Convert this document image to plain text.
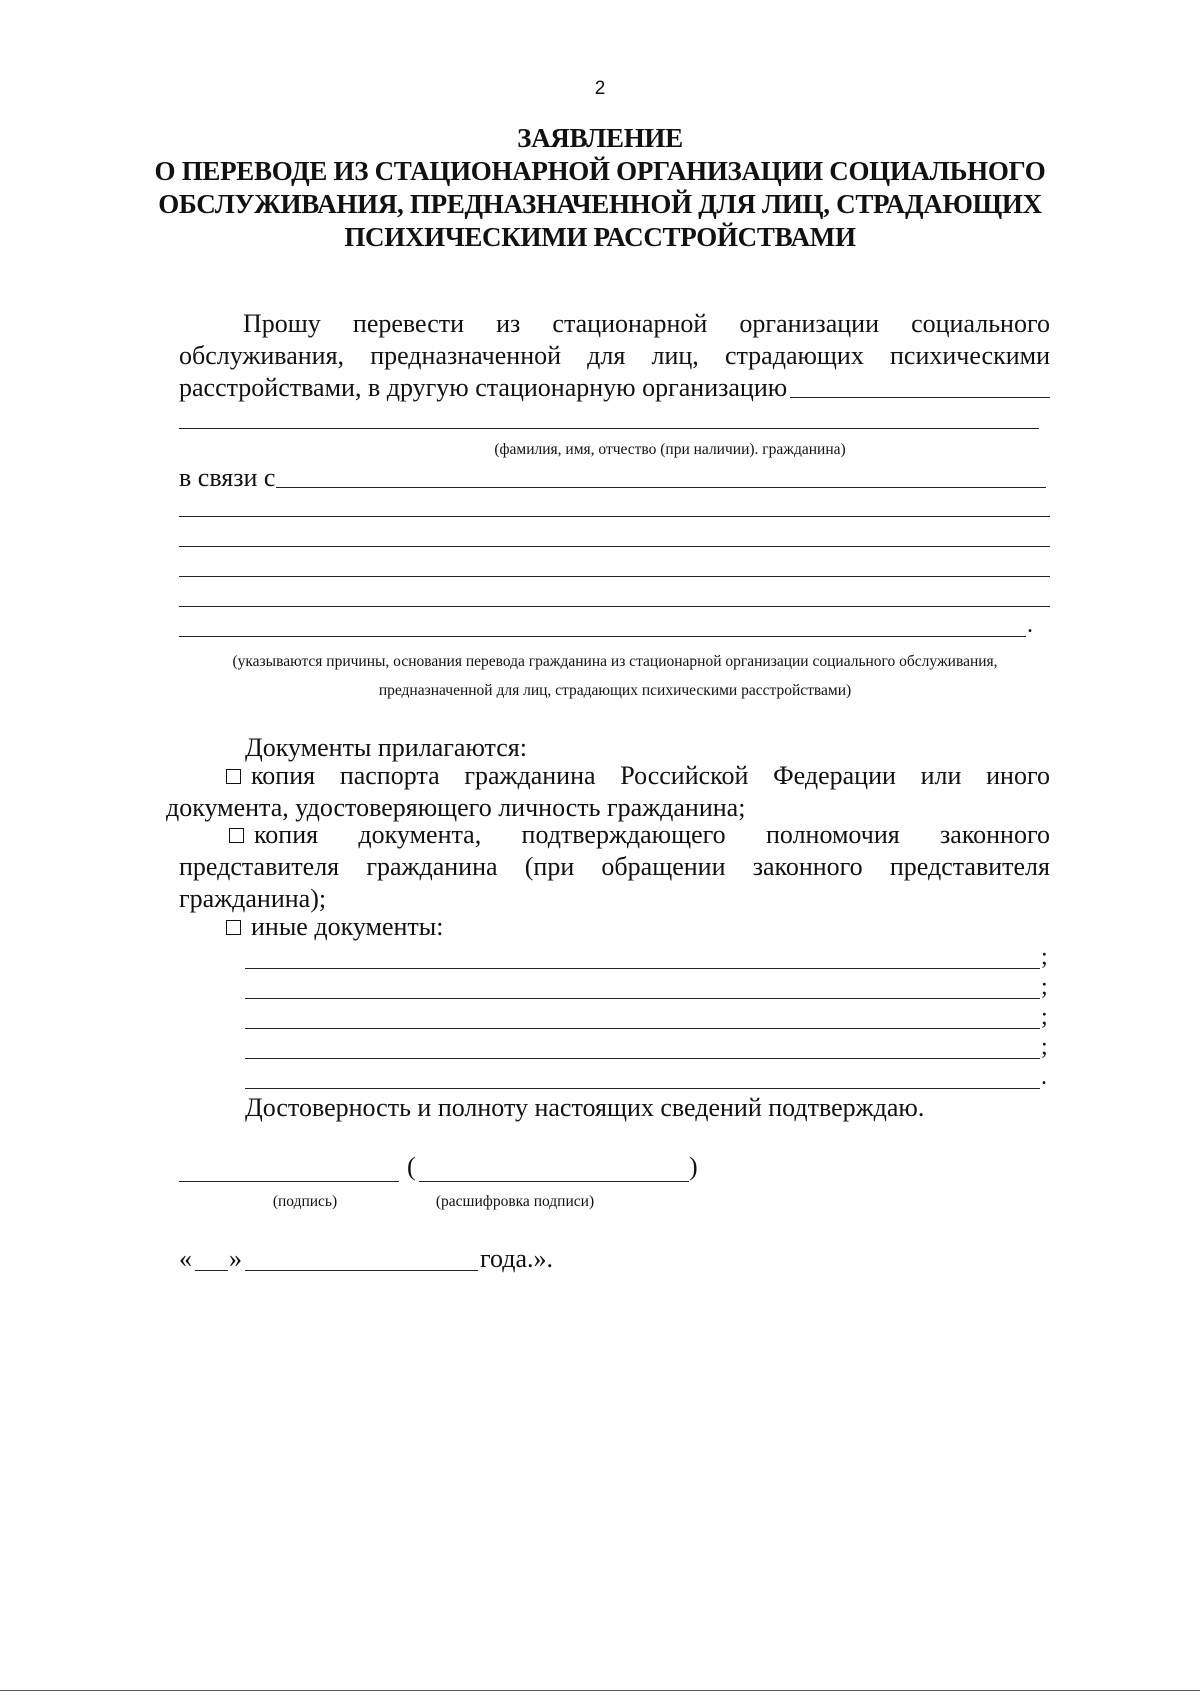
2
ЗАЯВЛЕНИЕ
О ПЕРЕВОДЕ ИЗ СТАЦИОНАРНОЙ ОРГАНИЗАЦИИ СОЦИАЛЬНОГО
ОБСЛУЖИВАНИЯ, ПРЕДНАЗНАЧЕННОЙ ДЛЯ ЛИЦ, СТРАДАЮЩИХ
ПСИХИЧЕСКИМИ РАССТРОЙСТВАМИ
Прошу перевести из стационарной организации социального
обслуживания, предназначенной для лиц, страдающих психическими
расстройствами, в другую стационарную организацию
(фамилия, имя, отчество (при наличии). гражданина)
в связи с
.
(указываются причины, основания перевода гражданина из стационарной организации социального обслуживания,
предназначенной для лиц, страдающих психическими расстройствами)
Документы прилагаются:
копия паспорта гражданина Российской Федерации или иного
документа, удостоверяющего личность гражданина;
копия документа, подтверждающего полномочия законного
представителя гражданина (при обращении законного представителя
гражданина);
иные документы:
;
;
;
;
.
Достоверность и полноту настоящих сведений подтверждаю.
(	)
(подпись)	(расшифровка подписи)
« »	года.».
